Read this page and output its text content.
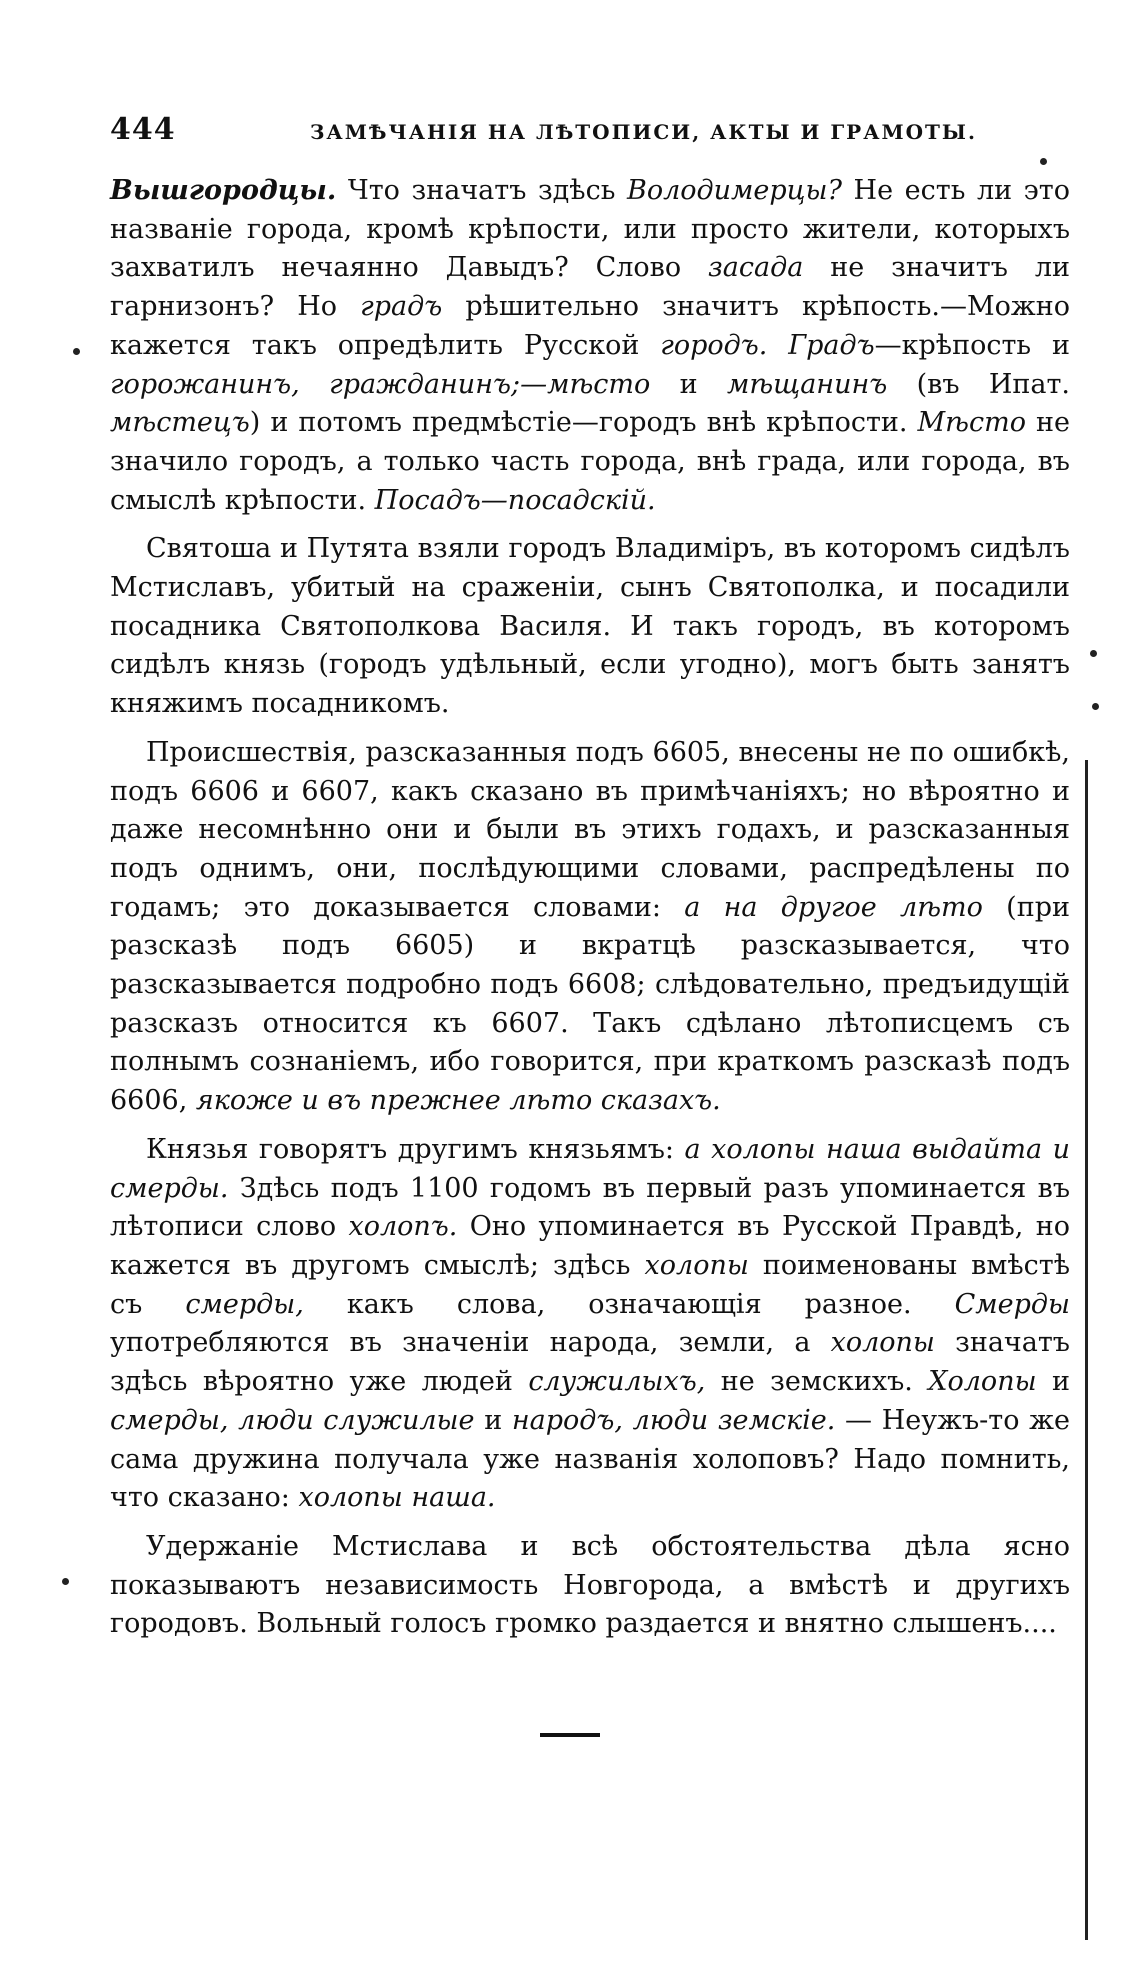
444	ЗАМѢЧАНІЯ НА ЛѢТОПИСИ, АКТЫ И ГРАМОТЫ.

Вышгородцы. Что значатъ здѣсь Володимерцы? Не есть ли это названіе города, кромѣ крѣпости, или просто жители, которыхъ захватилъ нечаянно Давыдъ? Слово засада не значитъ ли гарнизонъ? Но градъ рѣшительно значитъ крѣпость.—Можно кажется такъ опредѣлить Русской городъ. Градъ—крѣпость и горожанинъ, гражданинъ;—мѣсто и мѣщанинъ (въ Ипат. мѣстецъ) и потомъ предмѣстіе—городъ внѣ крѣпости. Мѣсто не значило городъ, а только часть города, внѣ града, или города, въ смыслѣ крѣпости. Посадъ—посадскій.

Святоша и Путята взяли городъ Владиміръ, въ которомъ сидѣлъ Мстиславъ, убитый на сраженіи, сынъ Святополка, и посадили посадника Святополкова Василя. И такъ городъ, въ которомъ сидѣлъ князь (городъ удѣльный, если угодно), могъ быть занятъ княжимъ посадникомъ.

Происшествія, разсказанныя подъ 6605, внесены не по ошибкѣ, подъ 6606 и 6607, какъ сказано въ примѣчаніяхъ; но вѣроятно и даже несомнѣнно они и были въ этихъ годахъ, и разсказанныя подъ однимъ, они, послѣдующими словами, распредѣлены по годамъ; это доказывается словами: а на другое лѣто (при разсказѣ подъ 6605) и вкратцѣ разсказывается, что разсказывается подробно подъ 6608; слѣдовательно, предъидущій разсказъ относится къ 6607. Такъ сдѣлано лѣтописцемъ съ полнымъ сознаніемъ, ибо говорится, при краткомъ разсказѣ подъ 6606, якоже и въ прежнее лѣто сказахъ.

Князья говорятъ другимъ князьямъ: а холопы наша выдайта и смерды. Здѣсь подъ 1100 годомъ въ первый разъ упоминается въ лѣтописи слово холопъ. Оно упоминается въ Русской Правдѣ, но кажется въ другомъ смыслѣ; здѣсь холопы поименованы вмѣстѣ съ смерды, какъ слова, означающія разное. Смерды употребляются въ значеніи народа, земли, а холопы значатъ здѣсь вѣроятно уже людей служилыхъ, не земскихъ. Холопы и смерды, люди служилые и народъ, люди земскіе. — Неужъ-то же сама дружина получала уже названія холоповъ? Надо помнить, что сказано: холопы наша.

Удержаніе Мстислава и всѣ обстоятельства дѣла ясно показываютъ независимость Новгорода, а вмѣстѣ и другихъ городовъ. Вольный голосъ громко раздается и внятно слышенъ....
